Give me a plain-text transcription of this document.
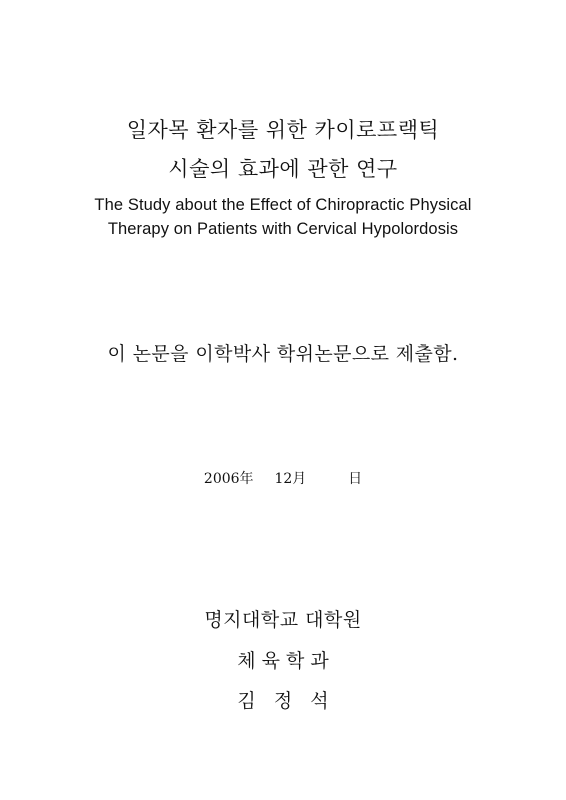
일자목 환자를 위한 카이로프랙틱
시술의 효과에 관한 연구
The Study about the Effect of Chiropractic Physical
Therapy on Patients with Cervical Hypolordosis
이 논문을 이학박사 학위논문으로 제출함.
2006年  12月    日
명지대학교 대학원
체 육 학 과
김   정   석
